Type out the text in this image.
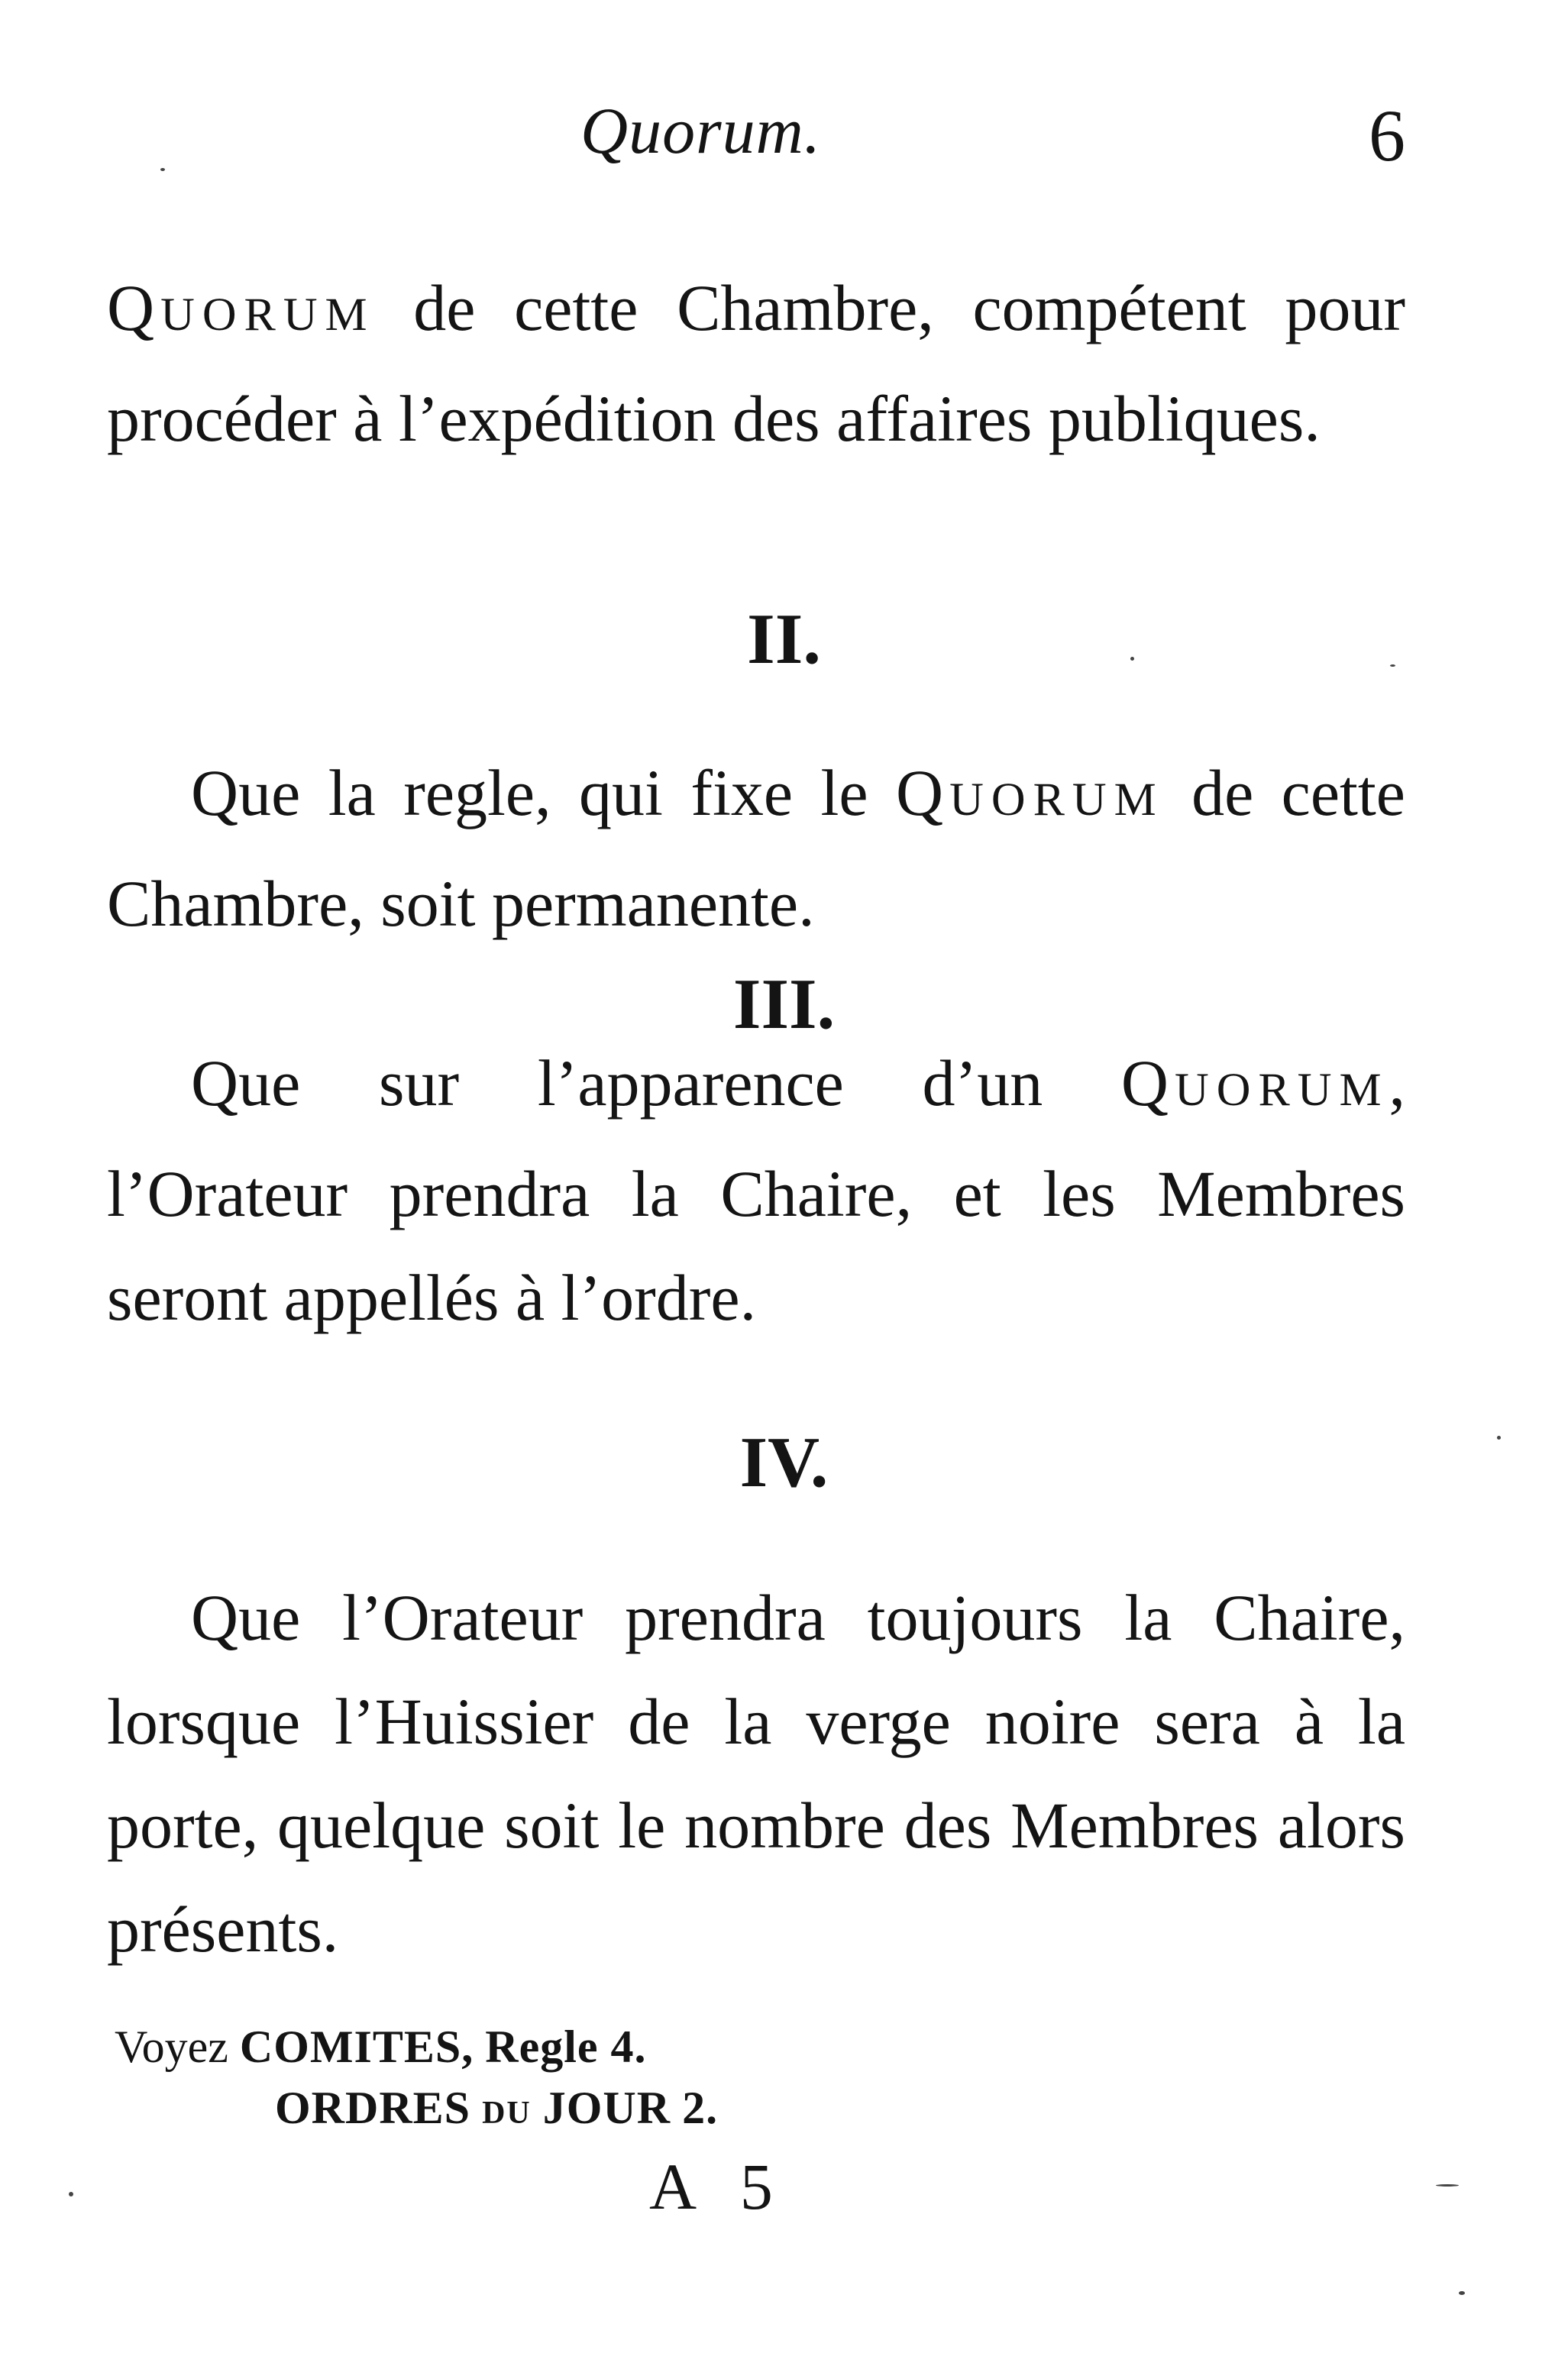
Quorum.	6

QUORUM de cette Chambre, compétent pour procéder à l’expédition des affaires publiques.

II.

Que la regle, qui fixe le QUORUM de cette Chambre, soit permanente.

III.

Que sur l’apparence d’un QUORUM, l’Orateur prendra la Chaire, et les Membres seront appellés à l’ordre.

IV.

Que l’Orateur prendra toujours la Chaire, lorsque l’Huissier de la verge noire sera à la porte, quelque soit le nombre des Membres alors présents.

Voyez COMITES, Regle 4.
ORDRES DU JOUR 2.
A 5
